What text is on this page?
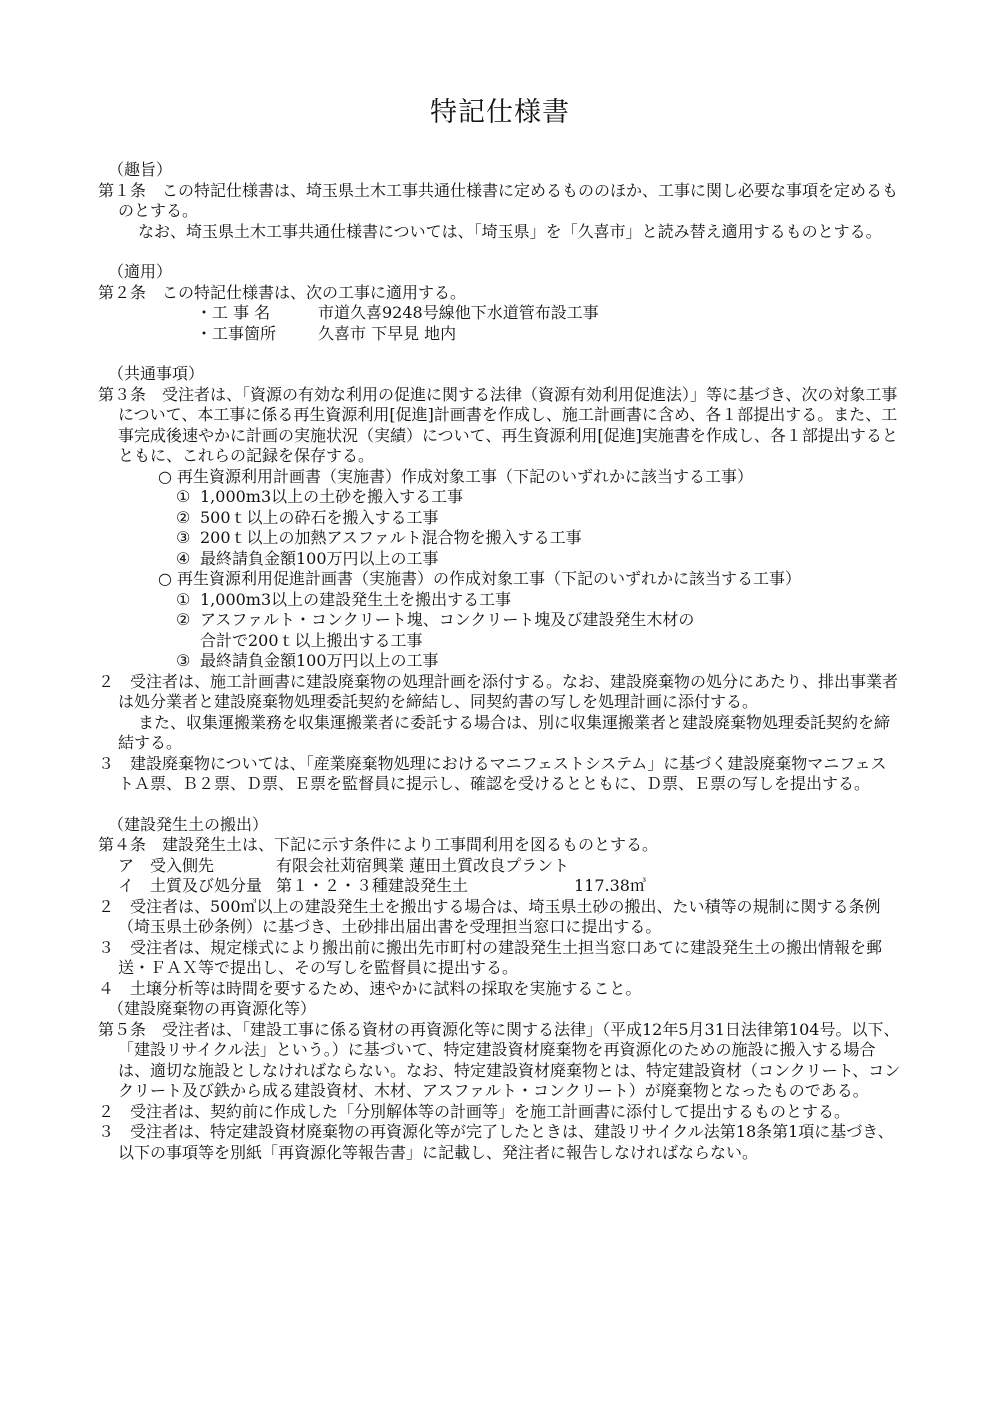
特記仕様書
（趣旨）
第１条　この特記仕様書は、埼玉県土木工事共通仕様書に定めるもののほか、工事に関し必要な事項を定めるものとする。
なお、埼玉県土木工事共通仕様書については、「埼玉県」を「久喜市」と読み替え適用するものとする。
（適用）
第２条　この特記仕様書は、次の工事に適用する。
・工 事 名	市道久喜9248号線他下水道管布設工事
・工事箇所	久喜市 下早見 地内
（共通事項）
第３条　受注者は、「資源の有効な利用の促進に関する法律（資源有効利用促進法）」等に基づき、次の対象工事について、本工事に係る再生資源利用[促進]計画書を作成し、施工計画書に含め、各１部提出する。また、工事完成後速やかに計画の実施状況（実績）について、再生資源利用[促進]実施書を作成し、各１部提出するとともに、これらの記録を保存する。
○ 再生資源利用計画書（実施書）作成対象工事（下記のいずれかに該当する工事）
① 1,000m3以上の土砂を搬入する工事
② 500ｔ以上の砕石を搬入する工事
③ 200ｔ以上の加熱アスファルト混合物を搬入する工事
④ 最終請負金額100万円以上の工事
○ 再生資源利用促進計画書（実施書）の作成対象工事（下記のいずれかに該当する工事）
① 1,000m3以上の建設発生土を搬出する工事
② アスファルト・コンクリート塊、コンクリート塊及び建設発生木材の
合計で200ｔ以上搬出する工事
③ 最終請負金額100万円以上の工事
２　受注者は、施工計画書に建設廃棄物の処理計画を添付する。なお、建設廃棄物の処分にあたり、排出事業者は処分業者と建設廃棄物処理委託契約を締結し、同契約書の写しを処理計画に添付する。
また、収集運搬業務を収集運搬業者に委託する場合は、別に収集運搬業者と建設廃棄物処理委託契約を締結する。
３　建設廃棄物については、「産業廃棄物処理におけるマニフェストシステム」に基づく建設廃棄物マニフェストＡ票、Ｂ２票、Ｄ票、Ｅ票を監督員に提示し、確認を受けるとともに、Ｄ票、Ｅ票の写しを提出する。
（建設発生土の搬出）
第４条　建設発生土は、下記に示す条件により工事間利用を図るものとする。
ア　受入側先	有限会社苅宿興業 蓮田土質改良プラント
イ　土質及び処分量 第１・２・３種建設発生土	117.38㎥
２　受注者は、500㎥以上の建設発生土を搬出する場合は、埼玉県土砂の搬出、たい積等の規制に関する条例（埼玉県土砂条例）に基づき、土砂排出届出書を受理担当窓口に提出する。
３　受注者は、規定様式により搬出前に搬出先市町村の建設発生土担当窓口あてに建設発生土の搬出情報を郵送・ＦＡＸ等で提出し、その写しを監督員に提出する。
４　土壌分析等は時間を要するため、速やかに試料の採取を実施すること。
（建設廃棄物の再資源化等）
第５条　受注者は、「建設工事に係る資材の再資源化等に関する法律」（平成12年5月31日法律第104号。以下、「建設リサイクル法」という。）に基づいて、特定建設資材廃棄物を再資源化のための施設に搬入する場合は、適切な施設としなければならない。なお、特定建設資材廃棄物とは、特定建設資材（コンクリート、コンクリート及び鉄から成る建設資材、木材、アスファルト・コンクリート）が廃棄物となったものである。
２　受注者は、契約前に作成した「分別解体等の計画等」を施工計画書に添付して提出するものとする。
３　受注者は、特定建設資材廃棄物の再資源化等が完了したときは、建設リサイクル法第18条第1項に基づき、以下の事項等を別紙「再資源化等報告書」に記載し、発注者に報告しなければならない。
